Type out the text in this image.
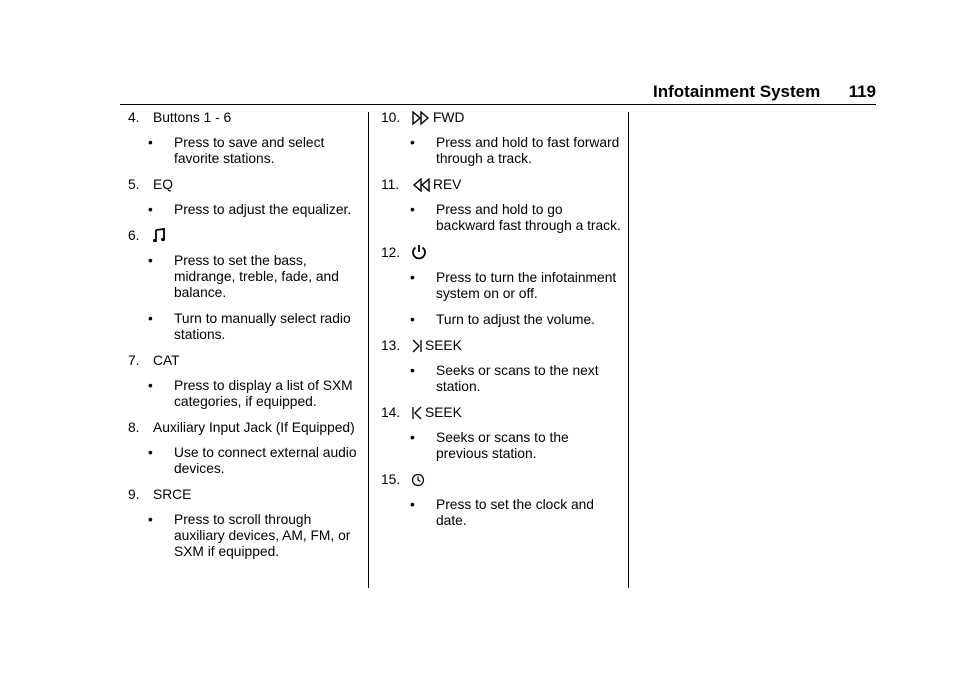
Infotainment System 119
4. Buttons 1 - 6
• Press to save and select favorite stations.
5. EQ
• Press to adjust the equalizer.
6.
• Press to set the bass, midrange, treble, fade, and balance.
• Turn to manually select radio stations.
7. CAT
• Press to display a list of SXM categories, if equipped.
8. Auxiliary Input Jack (If Equipped)
• Use to connect external audio devices.
9. SRCE
• Press to scroll through auxiliary devices, AM, FM, or SXM if equipped.
10. FWD
• Press and hold to fast forward through a track.
11. REV
• Press and hold to go backward fast through a track.
12.
• Press to turn the infotainment system on or off.
• Turn to adjust the volume.
13. SEEK
• Seeks or scans to the next station.
14. SEEK
• Seeks or scans to the previous station.
15.
• Press to set the clock and date.
